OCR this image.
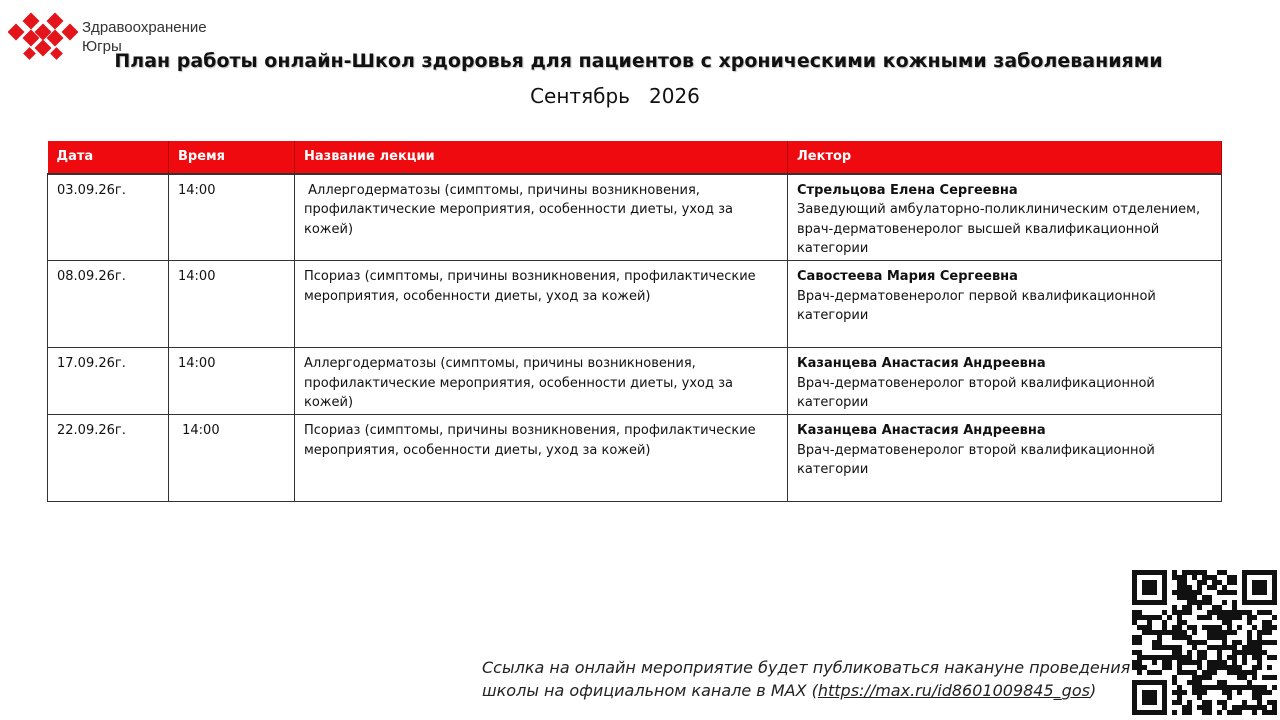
Здравоохранение
Югры
План работы онлайн-Школ здоровья для пациентов с хроническими кожными заболеваниями
Сентябрь   2026
Дата	Время	Название лекции	Лектор
03.09.26г.	14:00	Аллергодерматозы (симптомы, причины возникновения, профилактические мероприятия, особенности диеты, уход за кожей)	Стрельцова Елена Сергеевна
Заведующий амбулаторно-поликлиническим отделением, врач-дерматовенеролог высшей квалификационной категории

08.09.26г.	14:00	Псориаз (симптомы, причины возникновения, профилактические мероприятия, особенности диеты, уход за кожей)	Савостеева Мария Сергеевна
Врач-дерматовенеролог первой квалификационной категории

17.09.26г.	14:00	Аллергодерматозы (симптомы, причины возникновения, профилактические мероприятия, особенности диеты, уход за кожей)	Казанцева Анастасия Андреевна
Врач-дерматовенеролог второй квалификационной категории

22.09.26г.	14:00	Псориаз (симптомы, причины возникновения, профилактические мероприятия, особенности диеты, уход за кожей)	Казанцева Анастасия Андреевна
Врач-дерматовенеролог второй квалификационной категории
Ссылка на онлайн мероприятие будет публиковаться накануне проведения
школы на официальном канале в MAX (https://max.ru/id8601009845_gos)
